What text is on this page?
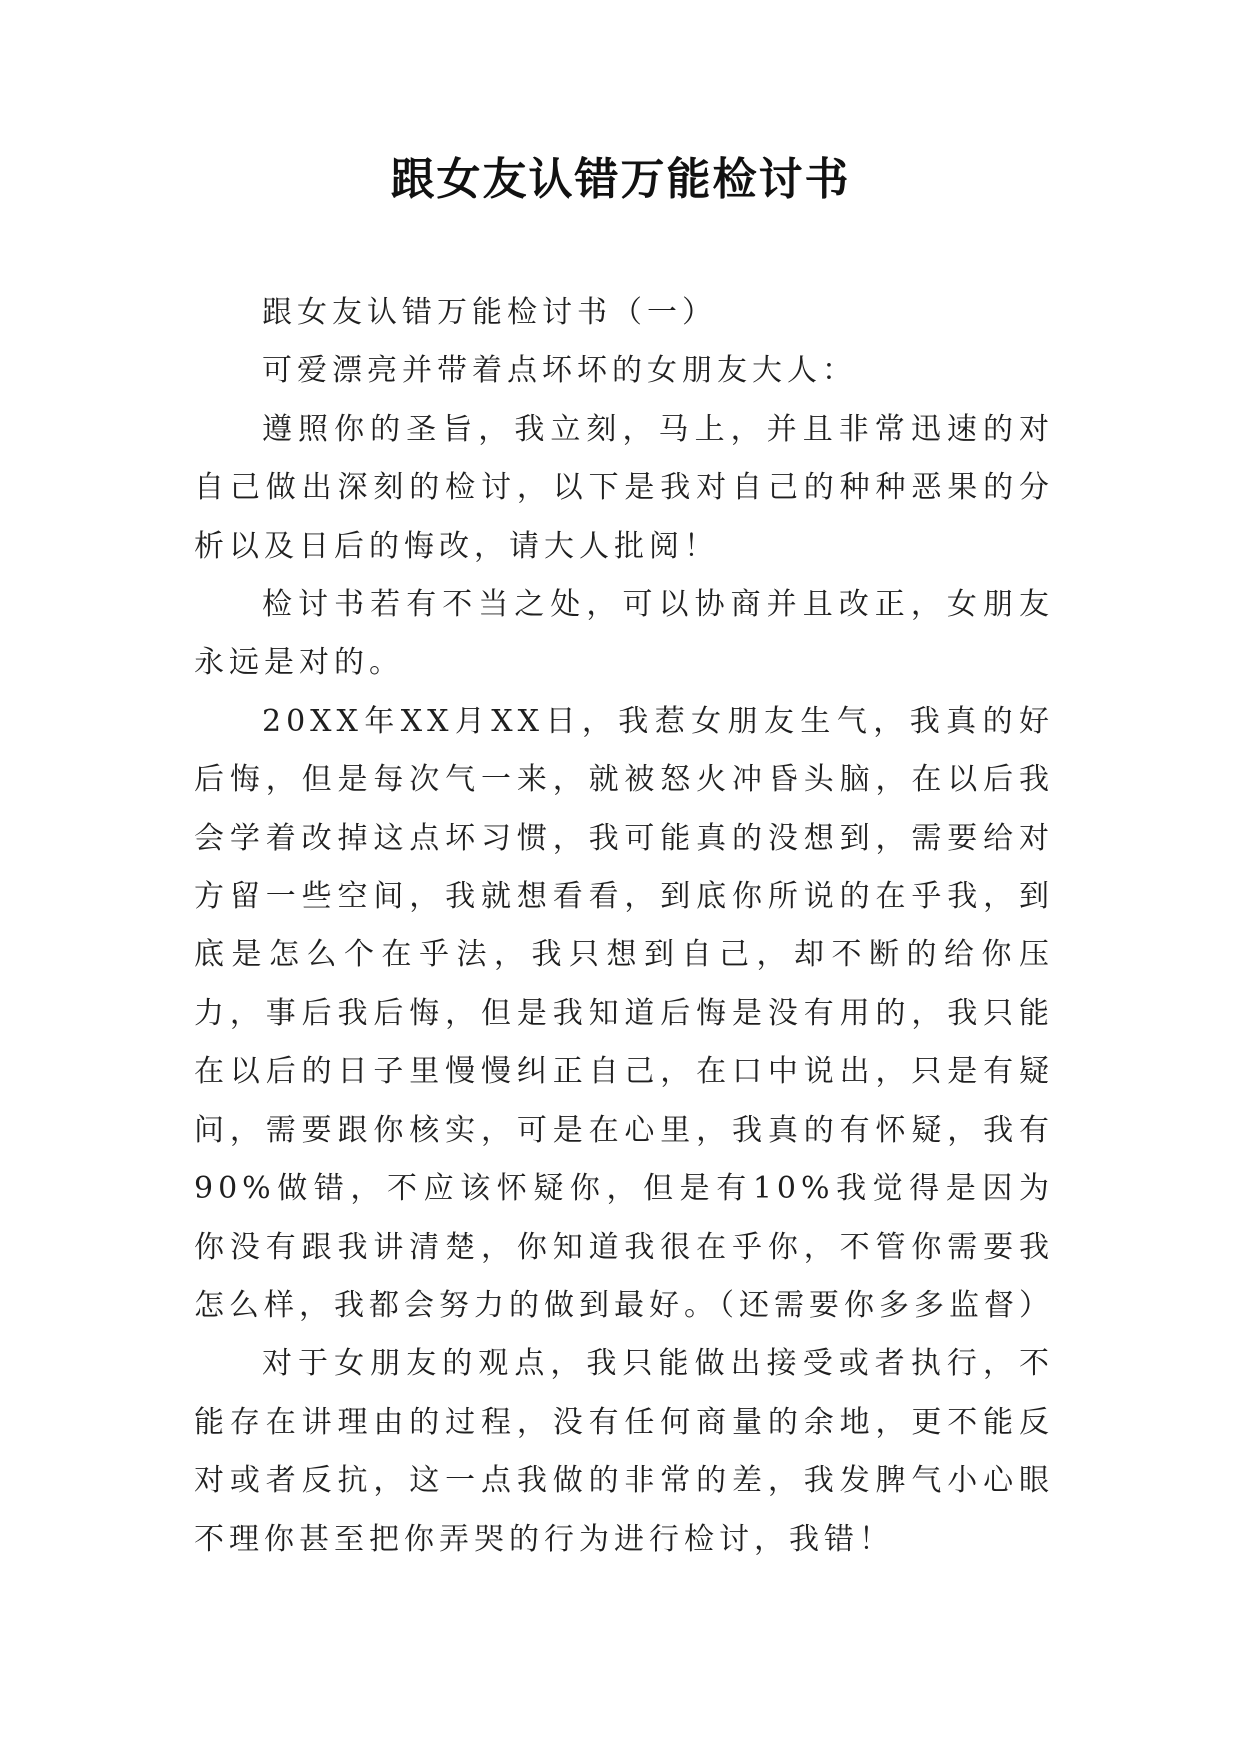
跟女友认错万能检讨书

跟女友认错万能检讨书（一）

可爱漂亮并带着点坏坏的女朋友大人：

遵照你的圣旨，我立刻，马上，并且非常迅速的对自己做出深刻的检讨，以下是我对自己的种种恶果的分析以及日后的悔改，请大人批阅！

检讨书若有不当之处，可以协商并且改正，女朋友永远是对的。

20XX年XX月XX日，我惹女朋友生气，我真的好后悔，但是每次气一来，就被怒火冲昏头脑，在以后我会学着改掉这点坏习惯，我可能真的没想到，需要给对方留一些空间，我就想看看，到底你所说的在乎我，到底是怎么个在乎法，我只想到自己，却不断的给你压力，事后我后悔，但是我知道后悔是没有用的，我只能在以后的日子里慢慢纠正自己，在口中说出，只是有疑问，需要跟你核实，可是在心里，我真的有怀疑，我有90%做错，不应该怀疑你，但是有10%我觉得是因为你没有跟我讲清楚，你知道我很在乎你，不管你需要我怎么样，我都会努力的做到最好。（还需要你多多监督）

对于女朋友的观点，我只能做出接受或者执行，不能存在讲理由的过程，没有任何商量的余地，更不能反对或者反抗，这一点我做的非常的差，我发脾气小心眼不理你甚至把你弄哭的行为进行检讨，我错！
